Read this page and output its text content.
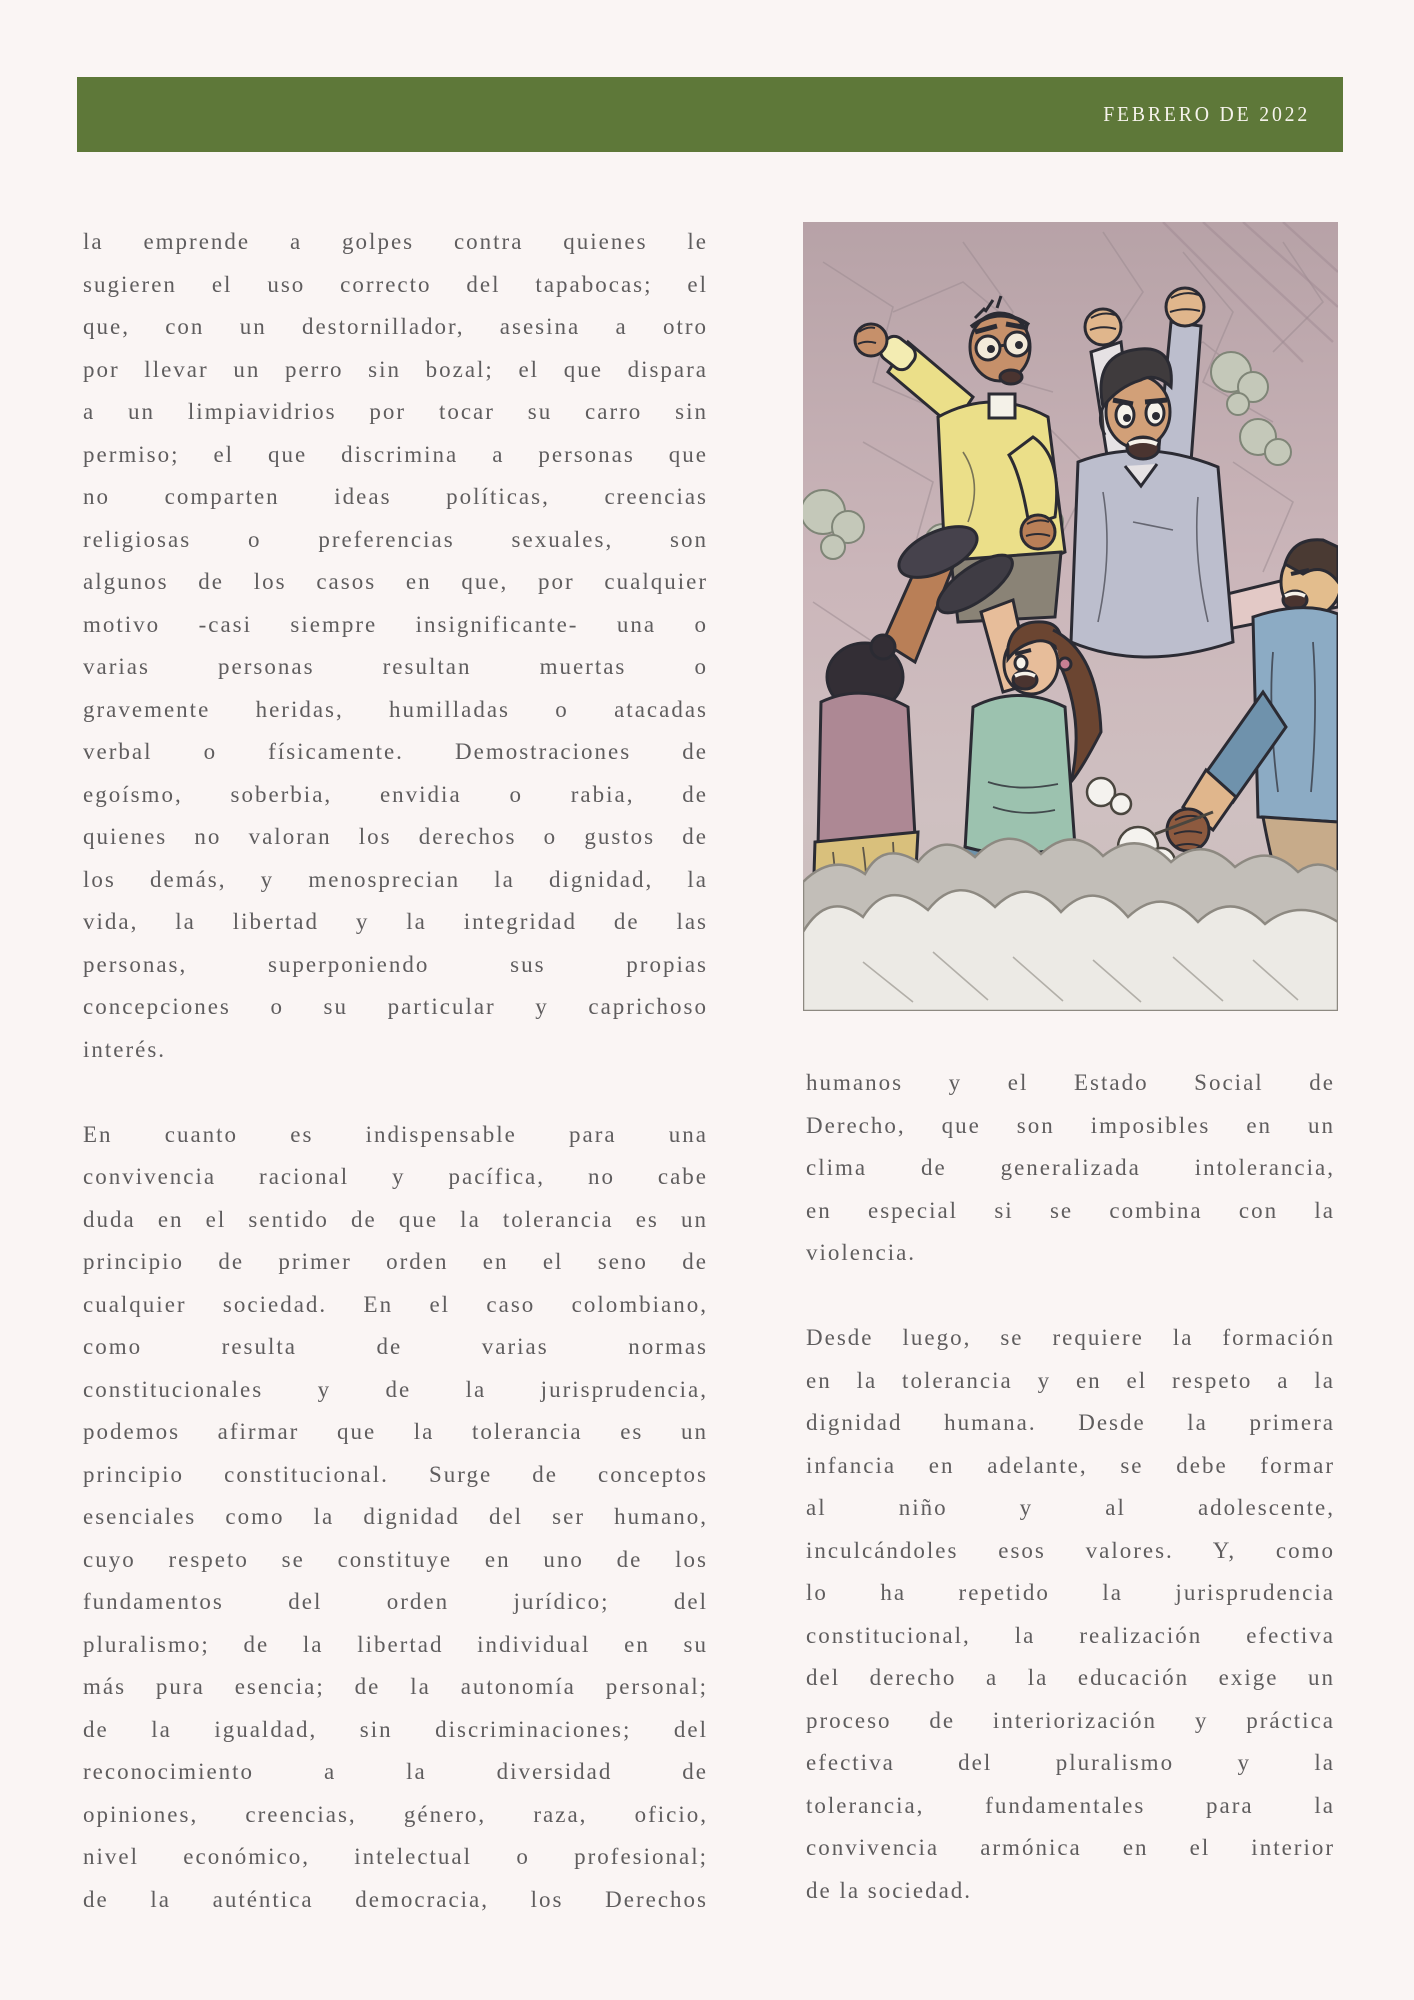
FEBRERO DE 2022
la emprende a golpes contra quienes le
sugieren el uso correcto del tapabocas; el
que, con un destornillador, asesina a otro
por llevar un perro sin bozal; el que dispara
a un limpiavidrios por tocar su carro sin
permiso; el que discrimina a personas que
no comparten ideas políticas, creencias
religiosas o preferencias sexuales, son
algunos de los casos en que, por cualquier
motivo -casi siempre insignificante- una o
varias personas resultan muertas o
gravemente heridas, humilladas o atacadas
verbal o físicamente. Demostraciones de
egoísmo, soberbia, envidia o rabia, de
quienes no valoran los derechos o gustos de
los demás, y menosprecian la dignidad, la
vida, la libertad y la integridad de las
personas, superponiendo sus propias
concepciones o su particular y caprichoso
interés.
En cuanto es indispensable para una
convivencia racional y pacífica, no cabe
duda en el sentido de que la tolerancia es un
principio de primer orden en el seno de
cualquier sociedad. En el caso colombiano,
como resulta de varias normas
constitucionales y de la jurisprudencia,
podemos afirmar que la tolerancia es un
principio constitucional. Surge de conceptos
esenciales como la dignidad del ser humano,
cuyo respeto se constituye en uno de los
fundamentos del orden jurídico; del
pluralismo; de la libertad individual en su
más pura esencia; de la autonomía personal;
de la igualdad, sin discriminaciones; del
reconocimiento a la diversidad de
opiniones, creencias, género, raza, oficio,
nivel económico, intelectual o profesional;
de la auténtica democracia, los Derechos
humanos y el Estado Social de
Derecho, que son imposibles en un
clima de generalizada intolerancia,
en especial si se combina con la
violencia.
Desde luego, se requiere la formación
en la tolerancia y en el respeto a la
dignidad humana. Desde la primera
infancia en adelante, se debe formar
al niño y al adolescente,
inculcándoles esos valores. Y, como
lo ha repetido la jurisprudencia
constitucional, la realización efectiva
del derecho a la educación exige un
proceso de interiorización y práctica
efectiva del pluralismo y la
tolerancia, fundamentales para la
convivencia armónica en el interior
de la sociedad.
